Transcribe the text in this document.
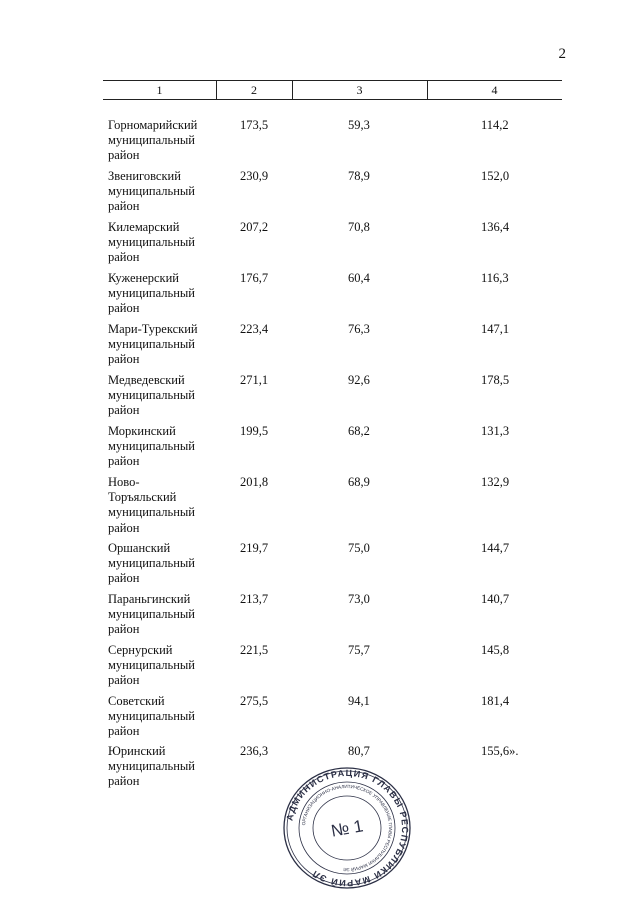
2
1	2	3	4
Горномарийский
муниципальный
район
173,5	59,3	114,2
Звениговский
муниципальный
район
230,9	78,9	152,0
Килемарский
муниципальный
район
207,2	70,8	136,4
Куженерский
муниципальный
район
176,7	60,4	116,3
Мари-Турекский
муниципальный
район
223,4	76,3	147,1
Медведевский
муниципальный
район
271,1	92,6	178,5
Моркинский
муниципальный
район
199,5	68,2	131,3
Ново-
Торъяльский
муниципальный
район
201,8	68,9	132,9
Оршанский
муниципальный
район
219,7	75,0	144,7
Параньгинский
муниципальный
район
213,7	73,0	140,7
Сернурский
муниципальный
район
221,5	75,7	145,8
Советский
муниципальный
район
275,5	94,1	181,4
Юринский
муниципальный
район
236,3	80,7	155,6».
АДМИНИСТРАЦИЯ ГЛАВЫ РЕСПУБЛИКИ МАРИЙ ЭЛ
ОРГАНИЗАЦИОННО-АНАЛИТИЧЕСКОЕ УПРАВЛЕНИЕ ГЛАВЫ РЕСПУБЛИКИ МАРИЙ ЭЛ
№ 1
